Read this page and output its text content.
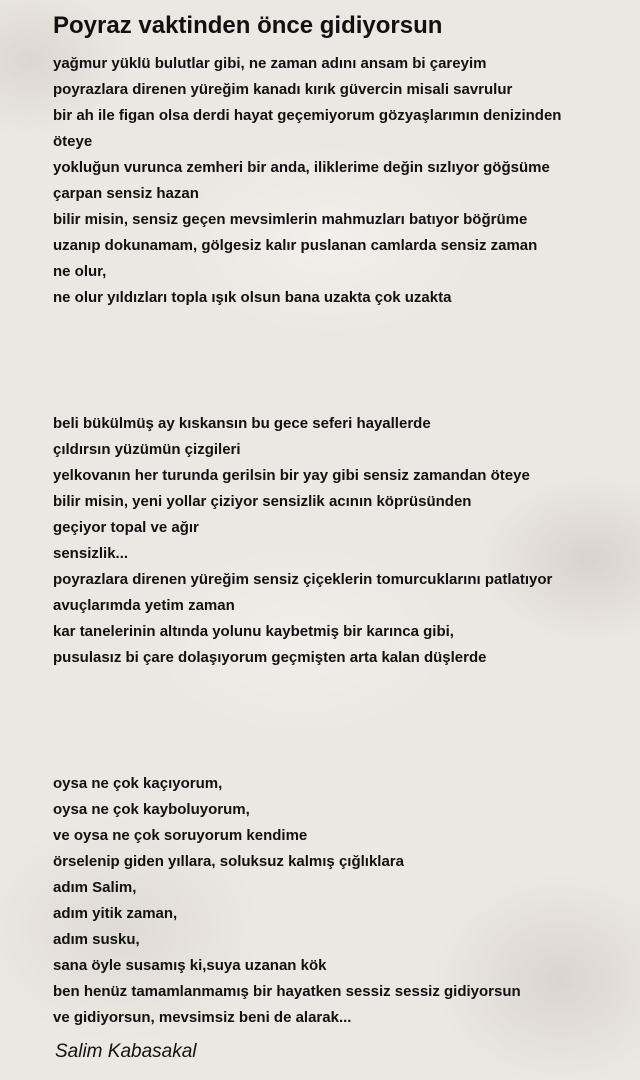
Poyraz vaktinden önce gidiyorsun
yağmur yüklü bulutlar gibi, ne zaman adını ansam bi çareyim
poyrazlara direnen yüreğim kanadı kırık güvercin misali savrulur
bir ah ile figan olsa derdi hayat geçemiyorum gözyaşlarımın denizinden
öteye
yokluğun vurunca zemheri bir anda, iliklerime değin sızlıyor göğsüme
çarpan sensiz hazan
bilir misin, sensiz geçen mevsimlerin mahmuzları batıyor böğrüme
uzanıp dokunamam, gölgesiz kalır puslanan camlarda sensiz zaman
ne olur,
ne olur yıldızları topla ışık olsun bana uzakta çok uzakta
beli bükülmüş ay kıskansın bu gece seferi hayallerde
çıldırsın yüzümün çizgileri
yelkovanın her turunda gerilsin bir yay gibi sensiz zamandan öteye
bilir misin, yeni yollar çiziyor sensizlik acının köprüsünden
geçiyor topal ve ağır
sensizlik...
poyrazlara direnen yüreğim sensiz çiçeklerin tomurcuklarını patlatıyor
avuçlarımda yetim zaman
kar tanelerinin altında yolunu kaybetmiş bir karınca gibi,
pusulasız bi çare dolaşıyorum geçmişten arta kalan düşlerde
oysa ne çok kaçıyorum,
oysa ne çok kayboluyorum,
ve oysa ne çok soruyorum kendime
örselenip giden yıllara, soluksuz kalmış çığlıklara
adım Salim,
adım yitik zaman,
adım susku,
sana öyle susamış ki,suya uzanan kök
ben henüz tamamlanmamış bir hayatken sessiz sessiz gidiyorsun
ve gidiyorsun, mevsimsiz beni de alarak...

Salim Kabasakal
